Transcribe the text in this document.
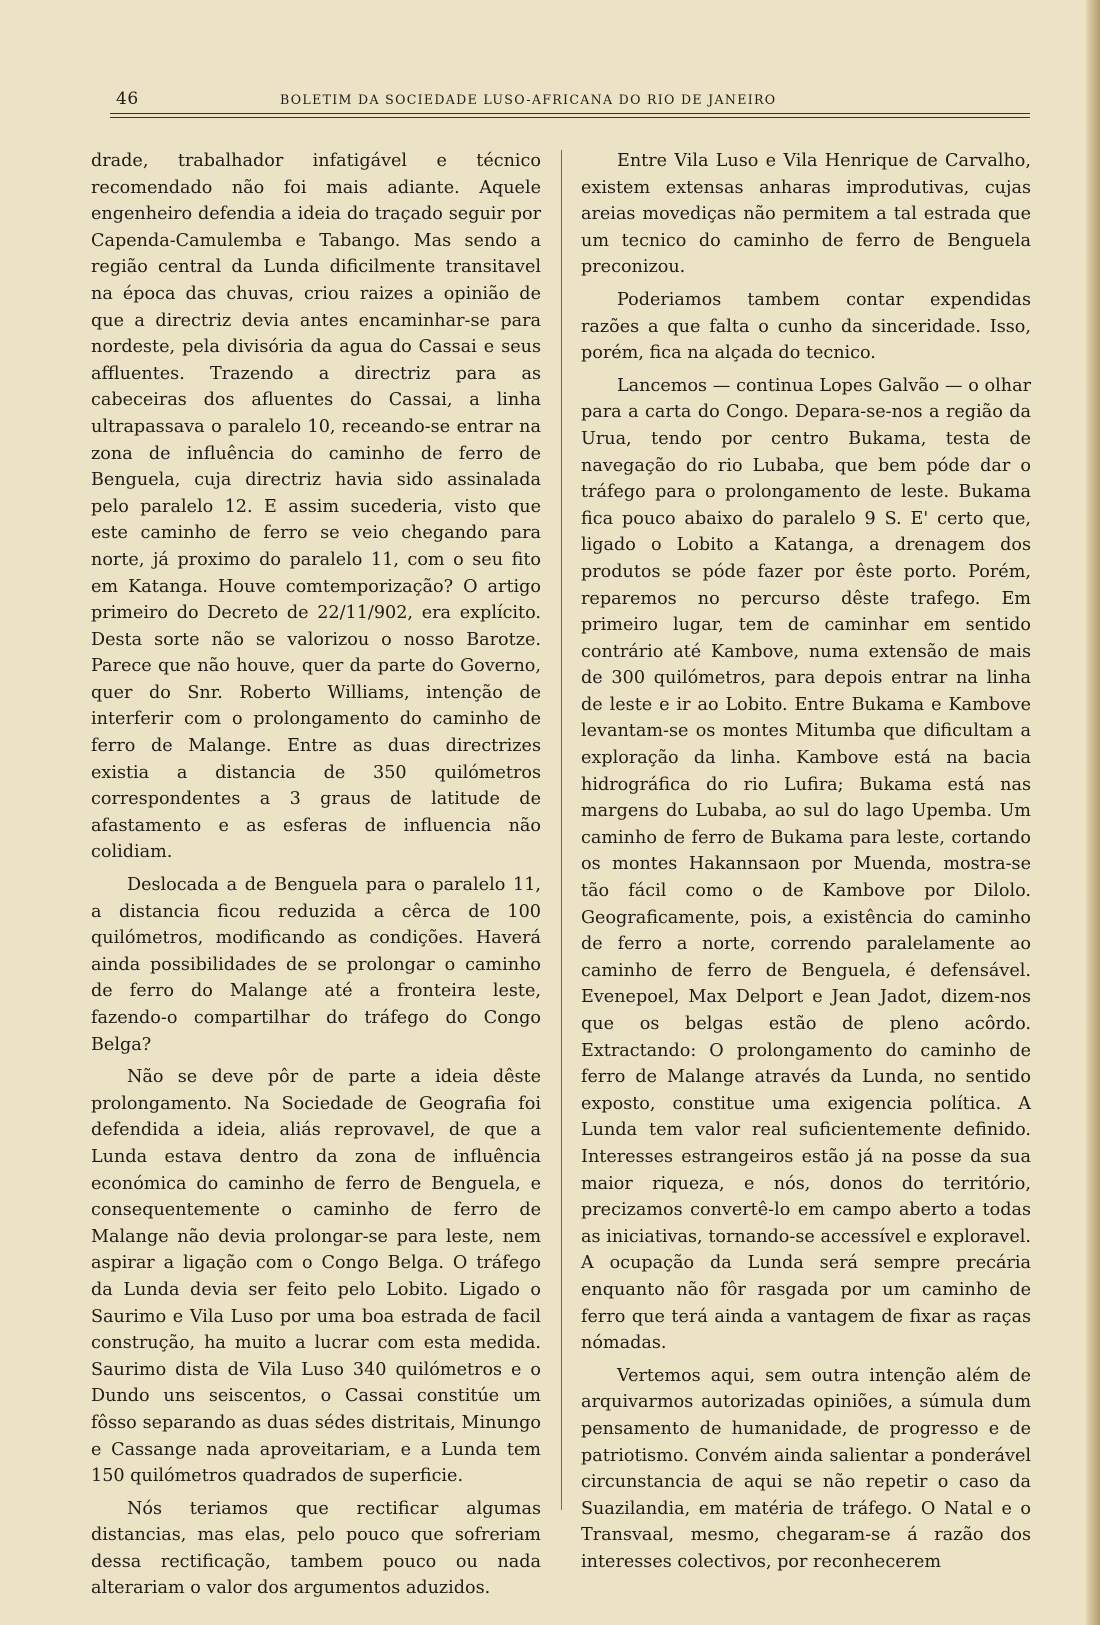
46	BOLETIM DA SOCIEDADE LUSO-AFRICANA DO RIO DE JANEIRO

drade, trabalhador infatigável e técnico recomendado não foi mais adiante. Aquele engenheiro defendia a ideia do traçado seguir por Capenda-Camulemba e Tabango. Mas sendo a região central da Lunda dificilmente transitavel na época das chuvas, criou raizes a opinião de que a directriz devia antes encaminhar-se para nordeste, pela divisória da agua do Cassai e seus affluentes. Trazendo a directriz para as cabeceiras dos afluentes do Cassai, a linha ultrapassava o paralelo 10, receando-se entrar na zona de influência do caminho de ferro de Benguela, cuja directriz havia sido assinalada pelo paralelo 12. E assim sucederia, visto que este caminho de ferro se veio chegando para norte, já proximo do paralelo 11, com o seu fito em Katanga. Houve comtemporização? O artigo primeiro do Decreto de 22/11/902, era explícito. Desta sorte não se valorizou o nosso Barotze. Parece que não houve, quer da parte do Governo, quer do Snr. Roberto Williams, intenção de interferir com o prolongamento do caminho de ferro de Malange. Entre as duas directrizes existia a distancia de 350 quilómetros correspondentes a 3 graus de latitude de afastamento e as esferas de influencia não colidiam.

Deslocada a de Benguela para o paralelo 11, a distancia ficou reduzida a cêrca de 100 quilómetros, modificando as condições. Haverá ainda possibilidades de se prolongar o caminho de ferro do Malange até a fronteira leste, fazendo-o compartilhar do tráfego do Congo Belga?

Não se deve pôr de parte a ideia dêste prolongamento. Na Sociedade de Geografia foi defendida a ideia, aliás reprovavel, de que a Lunda estava dentro da zona de influência económica do caminho de ferro de Benguela, e consequentemente o caminho de ferro de Malange não devia prolongar-se para leste, nem aspirar a ligação com o Congo Belga. O tráfego da Lunda devia ser feito pelo Lobito. Ligado o Saurimo e Vila Luso por uma boa estrada de facil construção, ha muito a lucrar com esta medida. Saurimo dista de Vila Luso 340 quilómetros e o Dundo uns seiscentos, o Cassai constitúe um fôsso separando as duas sédes distritais, Minungo e Cassange nada aproveitariam, e a Lunda tem 150 quilómetros quadrados de superficie.

Nós teriamos que rectificar algumas distancias, mas elas, pelo pouco que sofreriam dessa rectificação, tambem pouco ou nada alterariam o valor dos argumentos aduzidos.

Entre Vila Luso e Vila Henrique de Carvalho, existem extensas anharas improdutivas, cujas areias movediças não permitem a tal estrada que um tecnico do caminho de ferro de Benguela preconizou.

Poderiamos tambem contar expendidas razões a que falta o cunho da sinceridade. Isso, porém, fica na alçada do tecnico.

Lancemos — continua Lopes Galvão — o olhar para a carta do Congo. Depara-se-nos a região da Urua, tendo por centro Bukama, testa de navegação do rio Lubaba, que bem póde dar o tráfego para o prolongamento de leste. Bukama fica pouco abaixo do paralelo 9 S. E' certo que, ligado o Lobito a Katanga, a drenagem dos produtos se póde fazer por êste porto. Porém, reparemos no percurso dêste trafego. Em primeiro lugar, tem de caminhar em sentido contrário até Kambove, numa extensão de mais de 300 quilómetros, para depois entrar na linha de leste e ir ao Lobito. Entre Bukama e Kambove levantam-se os montes Mitumba que dificultam a exploração da linha. Kambove está na bacia hidrográfica do rio Lufira; Bukama está nas margens do Lubaba, ao sul do lago Upemba. Um caminho de ferro de Bukama para leste, cortando os montes Hakannsaon por Muenda, mostra-se tão fácil como o de Kambove por Dilolo. Geograficamente, pois, a existência do caminho de ferro a norte, correndo paralelamente ao caminho de ferro de Benguela, é defensável. Evenepoel, Max Delport e Jean Jadot, dizem-nos que os belgas estão de pleno acôrdo. Extractando: O prolongamento do caminho de ferro de Malange através da Lunda, no sentido exposto, constitue uma exigencia política. A Lunda tem valor real suficientemente definido. Interesses estrangeiros estão já na posse da sua maior riqueza, e nós, donos do território, precizamos convertê-lo em campo aberto a todas as iniciativas, tornando-se accessível e exploravel. A ocupação da Lunda será sempre precária enquanto não fôr rasgada por um caminho de ferro que terá ainda a vantagem de fixar as raças nómadas.

Vertemos aqui, sem outra intenção além de arquivarmos autorizadas opiniões, a súmula dum pensamento de humanidade, de progresso e de patriotismo. Convém ainda salientar a ponderável circunstancia de aqui se não repetir o caso da Suazilandia, em matéria de tráfego. O Natal e o Transvaal, mesmo, chegaram-se á razão dos interesses colectivos, por reconhecerem
